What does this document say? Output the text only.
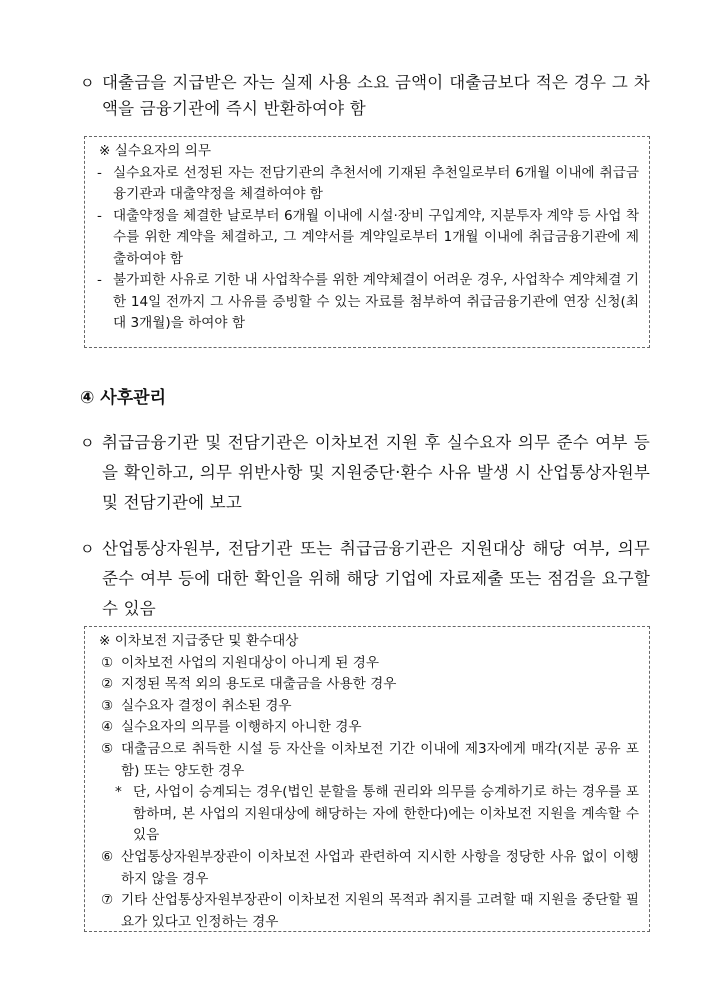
ㅇ 대출금을 지급받은 자는 실제 사용 소요 금액이 대출금보다 적은 경우 그 차액을 금융기관에 즉시 반환하여야 함
※ 실수요자의 의무
- 실수요자로 선정된 자는 전담기관의 추천서에 기재된 추천일로부터 6개월 이내에 취급금융기관과 대출약정을 체결하여야 함
- 대출약정을 체결한 날로부터 6개월 이내에 시설·장비 구입계약, 지분투자 계약 등 사업 착수를 위한 계약을 체결하고, 그 계약서를 계약일로부터 1개월 이내에 취급금융기관에 제출하여야 함
- 불가피한 사유로 기한 내 사업착수를 위한 계약체결이 어려운 경우, 사업착수 계약체결 기한 14일 전까지 그 사유를 증빙할 수 있는 자료를 첨부하여 취급금융기관에 연장 신청(최대 3개월)을 하여야 함
④ 사후관리
ㅇ 취급금융기관 및 전담기관은 이차보전 지원 후 실수요자 의무 준수 여부 등을 확인하고, 의무 위반사항 및 지원중단‧환수 사유 발생 시 산업통상자원부 및 전담기관에 보고
ㅇ 산업통상자원부, 전담기관 또는 취급금융기관은 지원대상 해당 여부, 의무 준수 여부 등에 대한 확인을 위해 해당 기업에 자료제출 또는 점검을 요구할 수 있음
※ 이차보전 지급중단 및 환수대상
① 이차보전 사업의 지원대상이 아니게 된 경우
② 지정된 목적 외의 용도로 대출금을 사용한 경우
③ 실수요자 결정이 취소된 경우
④ 실수요자의 의무를 이행하지 아니한 경우
⑤ 대출금으로 취득한 시설 등 자산을 이차보전 기간 이내에 제3자에게 매각(지분 공유 포함) 또는 양도한 경우
* 단, 사업이 승계되는 경우(법인 분할을 통해 권리와 의무를 승계하기로 하는 경우를 포함하며, 본 사업의 지원대상에 해당하는 자에 한한다)에는 이차보전 지원을 계속할 수 있음
⑥ 산업통상자원부장관이 이차보전 사업과 관련하여 지시한 사항을 정당한 사유 없이 이행하지 않을 경우
⑦ 기타 산업통상자원부장관이 이차보전 지원의 목적과 취지를 고려할 때 지원을 중단할 필요가 있다고 인정하는 경우
